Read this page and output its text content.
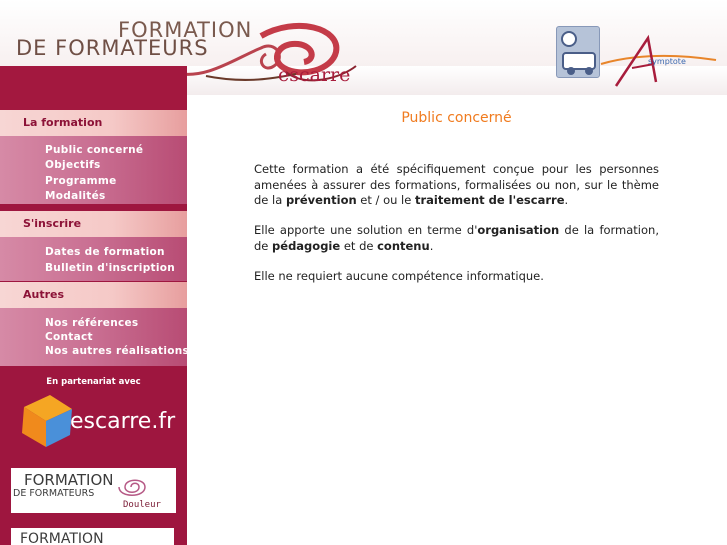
FORMATION
DE FORMATEURS
escarre
symptote
La formation
Public concerné
Objectifs
Programme
Modalités
S'inscrire
Dates de formation
Bulletin d'inscription
Autres
Nos références
Contact
Nos autres réalisations
En partenariat avec
escarre.fr
FORMATION
DE FORMATEURS
Douleur
FORMATION
Public concerné

Cette formation a été spécifiquement conçue pour les personnes amenées à assurer des formations, formalisées ou non, sur le thème de la prévention et / ou le traitement de l'escarre.

Elle apporte une solution en terme d'organisation de la formation, de pédagogie et de contenu.

Elle ne requiert aucune compétence informatique.
